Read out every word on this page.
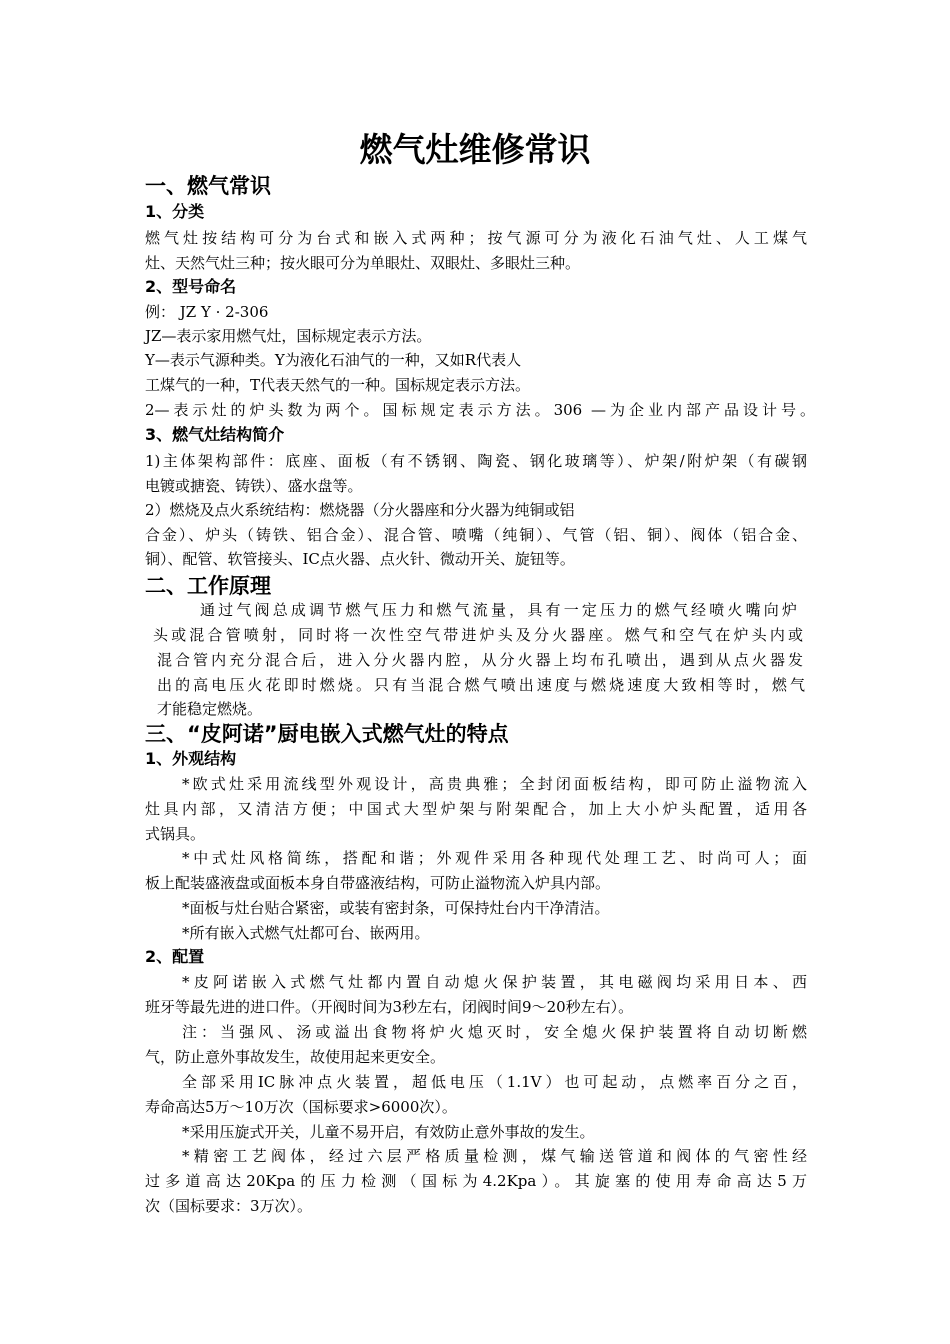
燃气灶维修常识
一、燃气常识
1、分类
燃气灶按结构可分为台式和嵌入式两种；按气源可分为液化石油气灶、人工煤气
灶、天然气灶三种；按火眼可分为单眼灶、双眼灶、多眼灶三种。
2、型号命名
例： JZ Y · 2-306
JZ—表示家用燃气灶，国标规定表示方法。
Y—表示气源种类。Y为液化石油气的一种，又如R代表人
工煤气的一种，T代表天然气的一种。国标规定表示方法。
2—表示灶的炉头数为两个。国标规定表示方法。306 —为企业内部产品设计号。
3、燃气灶结构简介
1)主体架构部件：底座、面板（有不锈钢、陶瓷、钢化玻璃等）、炉架/附炉架（有碳钢
电镀或搪瓷、铸铁）、盛水盘等。
2）燃烧及点火系统结构：燃烧器（分火器座和分火器为纯铜或铝
合金）、炉头（铸铁、铝合金）、混合管、喷嘴（纯铜）、气管（铝、铜）、阀体（铝合金、
铜）、配管、软管接头、IC点火器、点火针、微动开关、旋钮等。
二、工作原理
通过气阀总成调节燃气压力和燃气流量，具有一定压力的燃气经喷火嘴向炉
头或混合管喷射，同时将一次性空气带进炉头及分火器座。燃气和空气在炉头内或
混合管内充分混合后，进入分火器内腔，从分火器上均布孔喷出，遇到从点火器发
出的高电压火花即时燃烧。只有当混合燃气喷出速度与燃烧速度大致相等时，燃气
才能稳定燃烧。
三、“皮阿诺”厨电嵌入式燃气灶的特点
1、外观结构
*欧式灶采用流线型外观设计，高贵典雅；全封闭面板结构，即可防止溢物流入
灶具内部，又清洁方便；中国式大型炉架与附架配合，加上大小炉头配置，适用各
式锅具。
*中式灶风格简练，搭配和谐；外观件采用各种现代处理工艺、时尚可人；面
板上配装盛液盘或面板本身自带盛液结构，可防止溢物流入炉具内部。
*面板与灶台贴合紧密，或装有密封条，可保持灶台内干净清洁。
*所有嵌入式燃气灶都可台、嵌两用。
2、配置
*皮阿诺嵌入式燃气灶都内置自动熄火保护装置，其电磁阀均采用日本、西
班牙等最先进的进口件。（开阀时间为3秒左右，闭阀时间9～20秒左右）。
注：当强风、汤或溢出食物将炉火熄灭时，安全熄火保护装置将自动切断燃
气，防止意外事故发生，故使用起来更安全。
全部采用IC脉冲点火装置，超低电压（1.1V）也可起动，点燃率百分之百，
寿命高达5万～10万次（国标要求>6000次）。
*采用压旋式开关，儿童不易开启，有效防止意外事故的发生。
*精密工艺阀体，经过六层严格质量检测，煤气输送管道和阀体的气密性经
过多道高达20Kpa的压力检测（国标为4.2Kpa）。其旋塞的使用寿命高达5万
次（国标要求：3万次）。
